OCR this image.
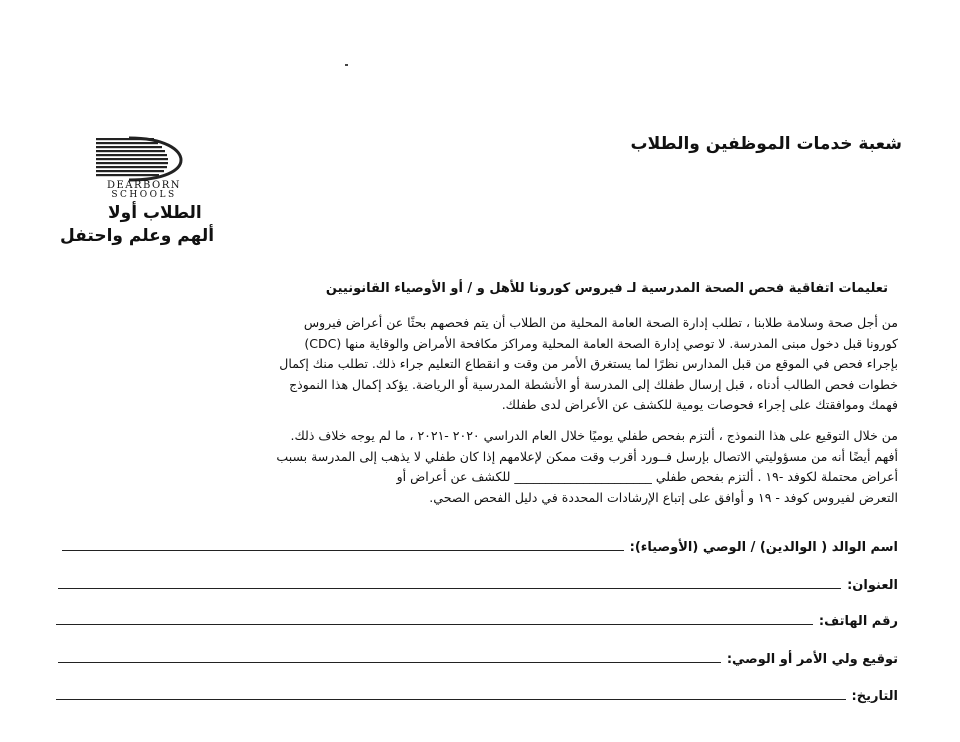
شعبة خدمات الموظفين والطلاب
DEARBORN
SCHOOLS
الطلاب أولا
ألهم وعلم واحتفل
تعليمات اتفاقية فحص الصحة المدرسية لـ فيروس كورونا للأهل و / أو الأوصياء القانونيين

من أجل صحة وسلامة طلابنا ، تطلب إدارة الصحة العامة المحلية من الطلاب أن يتم فحصهم بحثًا عن أعراض فيروس

كورونا قبل دخول مبنى المدرسة. لا توصي إدارة الصحة العامة المحلية ومراكز مكافحة الأمراض والوقاية منها (CDC)

بإجراء فحص في الموقع من قبل المدارس نظرًا لما يستغرق الأمر من وقت و انقطاع التعليم جراء ذلك. تطلب منك إكمال

خطوات فحص الطالب أدناه ، قبل إرسال طفلك إلى المدرسة أو الأنشطة المدرسية أو الرياضة. يؤكد إكمال هذا النموذج

فهمك وموافقتك على إجراء فحوصات يومية للكشف عن الأعراض لدى طفلك.

من خلال التوقيع على هذا النموذج ، ألتزم بفحص طفلي يوميًا خلال العام الدراسي ٢٠٢٠ -٢٠٢١ ، ما لم يوجه خلاف ذلك.

أفهم أيضًا أنه من مسؤوليتي الاتصال بإرسل فــورد أقرب وقت ممكن لإعلامهم إذا كان طفلي لا يذهب إلى المدرسة بسبب

أعراض محتملة لكوفد -١٩ . ألتزم بفحص طفلي ______________________ للكشف عن أعراض أو

التعرض لفيروس كوفد - ١٩ و أوافق على إتباع الإرشادات المحددة في دليل الفحص الصحي.

اسم الوالد ( الوالدين) / الوصي (الأوصياء):
العنوان:
رقم الهاتف:
توقيع ولي الأمر أو الوصي:
التاريخ:
